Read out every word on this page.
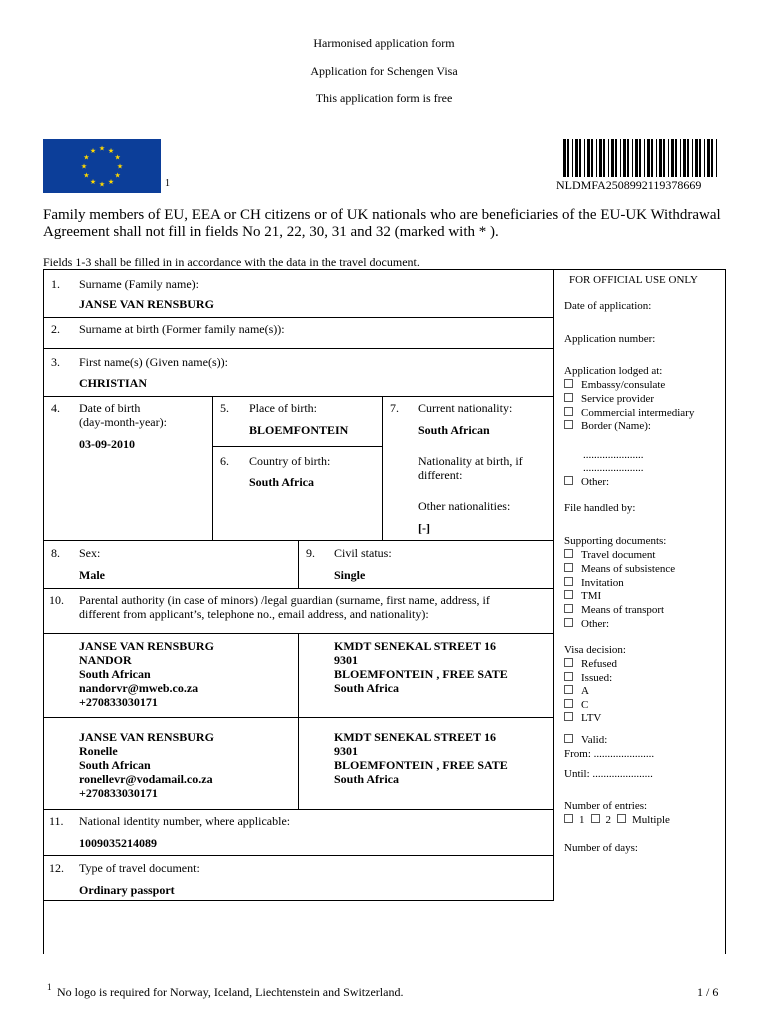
Harmonised application form
Application for Schengen Visa
This application form is free
★ ★
★
★
★
★
★
★
★
★
★
★
1	NLDMFA2508992119378669
Family members of EU, EEA or CH citizens or of UK nationals who are beneficiaries of the EU-UK Withdrawal Agreement shall not fill in fields No 21, 22, 30, 31 and 32 (marked with * ).
Fields 1-3 shall be filled in in accordance with the data in the travel document.
1. Surname (Family name):
JANSE VAN RENSBURG
2. Surname at birth (Former family name(s)):
3. First name(s) (Given name(s)):
CHRISTIAN
4. Date of birth
(day-month-year):
03-09-2010
5. Place of birth:
BLOEMFONTEIN
6. Country of birth:
South Africa
7. Current nationality:
South African
Nationality at birth, if
different:
Other nationalities:
[-]
8. Sex:
Male
9. Civil status:
Single
10. Parental authority (in case of minors) /legal guardian (surname, first name, address, if
different from applicant’s, telephone no., email address, and nationality):
JANSE VAN RENSBURG
NANDOR
South African
nandorvr@mweb.co.za
+270833030171
KMDT SENEKAL STREET 16
9301
BLOEMFONTEIN , FREE SATE
South Africa
JANSE VAN RENSBURG
Ronelle
South African
ronellevr@vodamail.co.za
+270833030171
KMDT SENEKAL STREET 16
9301
BLOEMFONTEIN , FREE SATE
South Africa
11. National identity number, where applicable:
1009035214089
12. Type of travel document:
Ordinary passport
FOR OFFICIAL USE ONLY
Date of application:
Application number:
Application lodged at:
Embassy/consulate
Service provider
Commercial intermediary
Border (Name):
......................
......................
Other:
File handled by:
Supporting documents:
Travel document
Means of subsistence
Invitation
TMI
Means of transport
Other:
Visa decision:
Refused
Issued:
A
C
LTV
Valid:
From: ......................
Until: ......................
Number of entries:
1 2 Multiple
Number of days:
1 No logo is required for Norway, Iceland, Liechtenstein and Switzerland.	1 / 6
